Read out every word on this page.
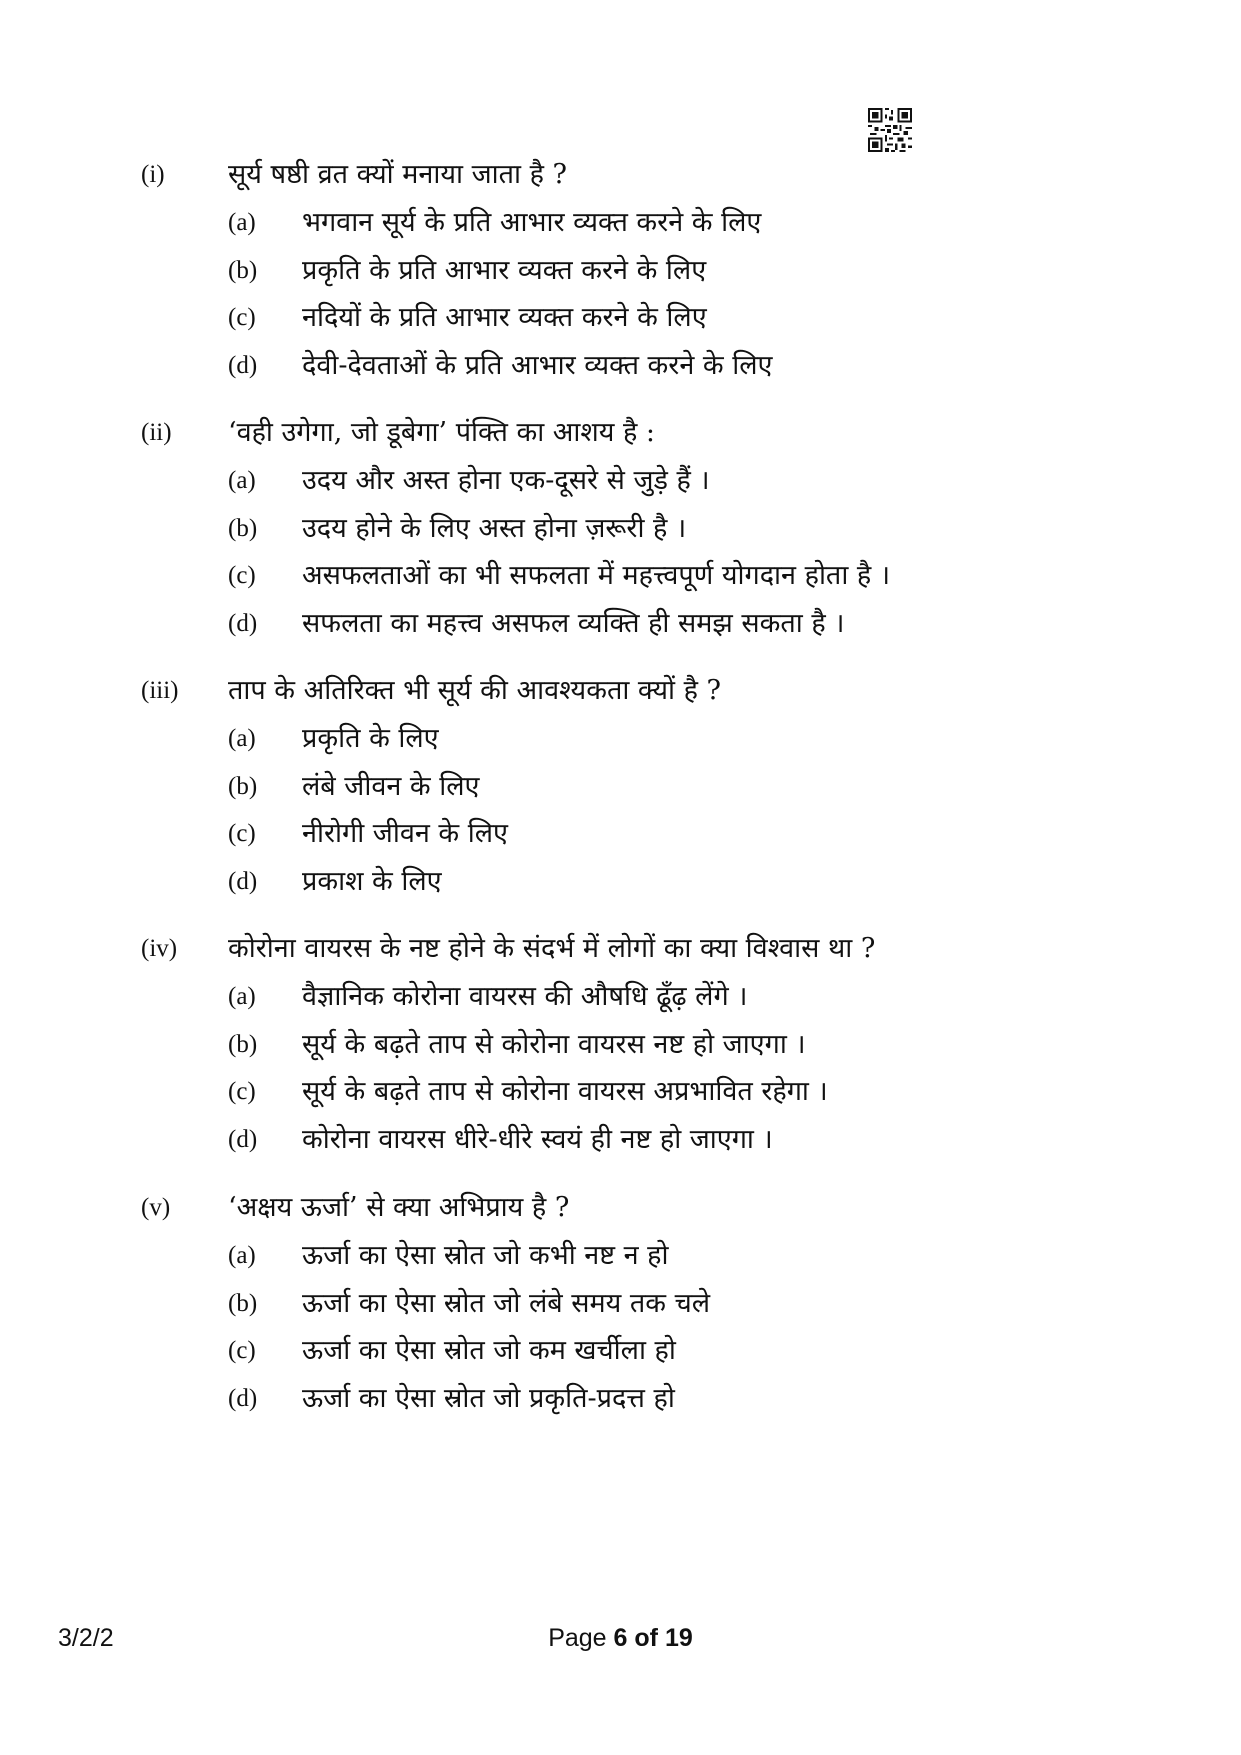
(i) सूर्य षष्ठी व्रत क्यों मनाया जाता है ?
(a) भगवान सूर्य के प्रति आभार व्यक्त करने के लिए
(b) प्रकृति के प्रति आभार व्यक्त करने के लिए
(c) नदियों के प्रति आभार व्यक्त करने के लिए
(d) देवी-देवताओं के प्रति आभार व्यक्त करने के लिए
(ii) ‘वही उगेगा, जो डूबेगा’ पंक्ति का आशय है :
(a) उदय और अस्त होना एक-दूसरे से जुड़े हैं ।
(b) उदय होने के लिए अस्त होना ज़रूरी है ।
(c) असफलताओं का भी सफलता में महत्त्वपूर्ण योगदान होता है ।
(d) सफलता का महत्त्व असफल व्यक्ति ही समझ सकता है ।
(iii) ताप के अतिरिक्त भी सूर्य की आवश्यकता क्यों है ?
(a) प्रकृति के लिए
(b) लंबे जीवन के लिए
(c) नीरोगी जीवन के लिए
(d) प्रकाश के लिए
(iv) कोरोना वायरस के नष्ट होने के संदर्भ में लोगों का क्या विश्वास था ?
(a) वैज्ञानिक कोरोना वायरस की औषधि ढूँढ़ लेंगे ।
(b) सूर्य के बढ़ते ताप से कोरोना वायरस नष्ट हो जाएगा ।
(c) सूर्य के बढ़ते ताप से कोरोना वायरस अप्रभावित रहेगा ।
(d) कोरोना वायरस धीरे-धीरे स्वयं ही नष्ट हो जाएगा ।
(v) ‘अक्षय ऊर्जा’ से क्या अभिप्राय है ?
(a) ऊर्जा का ऐसा स्रोत जो कभी नष्ट न हो
(b) ऊर्जा का ऐसा स्रोत जो लंबे समय तक चले
(c) ऊर्जा का ऐसा स्रोत जो कम खर्चीला हो
(d) ऊर्जा का ऐसा स्रोत जो प्रकृति-प्रदत्त हो
3/2/2	Page 6 of 19
